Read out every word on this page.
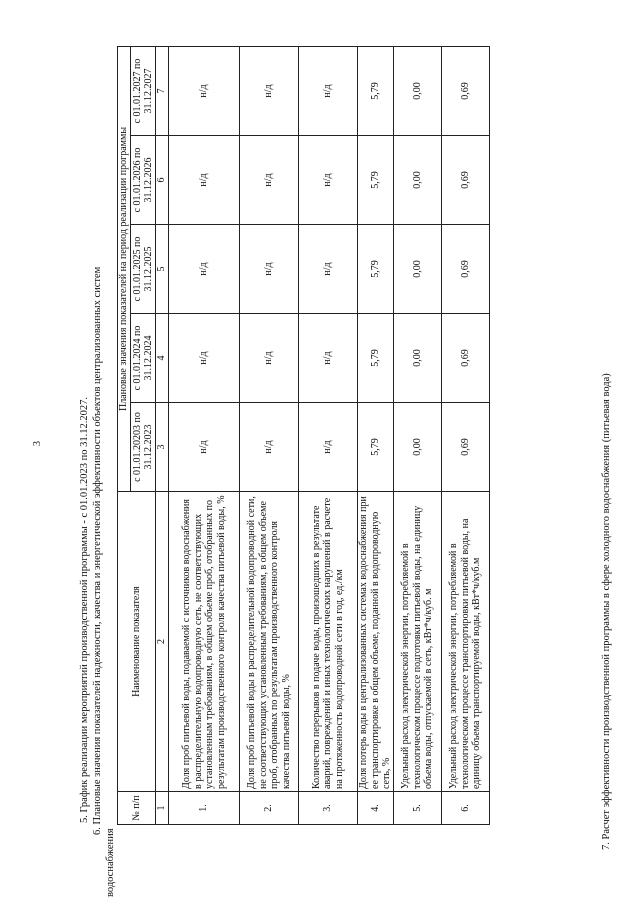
3	5. График реализации мероприятий производственной программы - с 01.01.2023 по 31.12.2027. 6. Плановые значения показателей надежности, качества и энергетической эффективности объектов централизованных систем
водоснабжения
№ п/п	Наименование показателя	Плановые значения показателей на период реализации программы				
		с 01.01.20203 по 31.12.2023	с 01.01.2024 по 31.12.2024	с 01.01.2025 по 31.12.2025	с 01.01.2026 по 31.12.2026	с 01.01.2027 по 31.12.2027
1	2	3	4	5	6	7
1.	Доля проб питьевой воды, подаваемой с источников водоснабжения в распределительную водопроводную сеть, не соответствующих установленным требованиям, в общем объеме проб, отобранных по результатам производственного контроля качества питьевой воды, %	н/д	н/д	н/д	н/д	н/д
2.	Доля проб питьевой воды в распределительной водопроводной сети, не соответствующих установленным требованиям, в общем объеме проб, отобранных по результатам производственного контроля качества питьевой воды, %	н/д	н/д	н/д	н/д	н/д
3.	Количество перерывов в подаче воды, произошедших в результате аварий, повреждений и иных технологических нарушений в расчете на протяженность водопроводной сети в год, ед./км	н/д	н/д	н/д	н/д	н/д
4.	Доля потерь воды в централизованных системах водоснабжения при ее транспортировке в общем объеме, поданной в водопроводную сеть, %	5,79	5,79	5,79	5,79	5,79
5.	Удельный расход электрической энергии, потребляемой в технологическом процессе подготовки питьевой воды, на единицу объема воды, отпускаемой в сеть, кВт*ч/куб. м	0,00	0,00	0,00	0,00	0,00
6.	Удельный расход электрической энергии, потребляемой в технологическом процессе транспортировки питьевой воды, на единицу объема транспортируемой воды, кВт*ч/куб.м	0,69	0,69	0,69	0,69	0,69
7. Расчет эффективности производственной программы в сфере холодного водоснабжения (питьевая вода)
